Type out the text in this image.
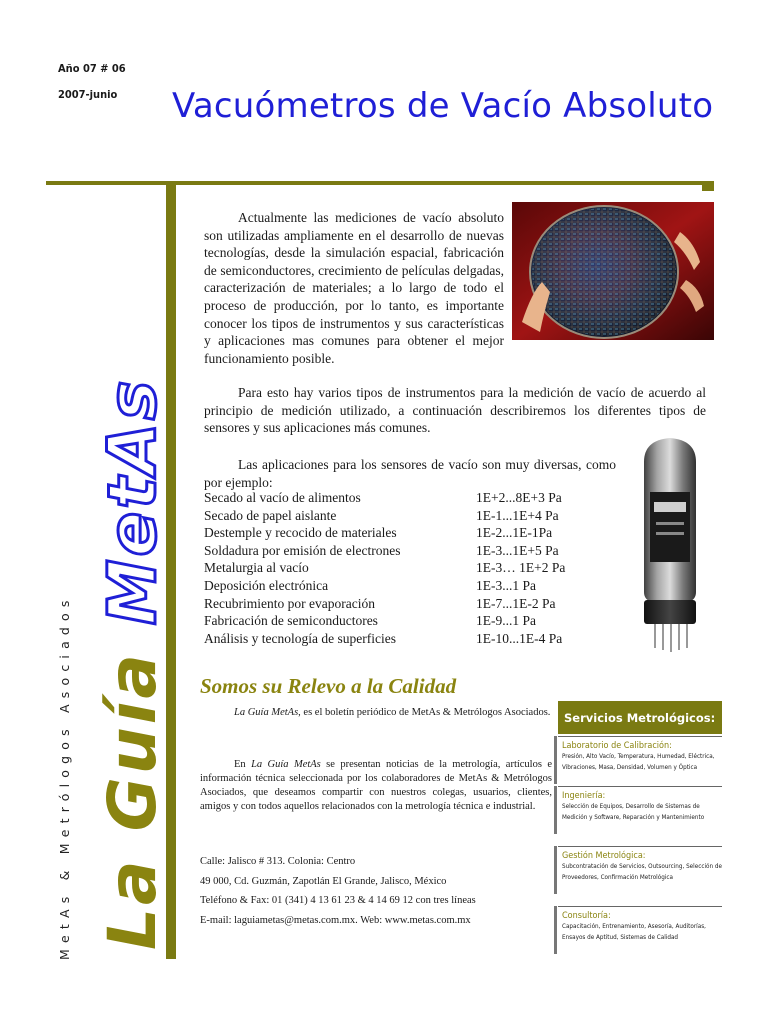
Año 07 # 06
2007-junio Vacuómetros de Vacío Absoluto
MetAs & Metrólogos Asociados La Guía MetAs
Actualmente las mediciones de vacío absoluto son utilizadas ampliamente en el desarrollo de nuevas tecnologías, desde la simulación espacial, fabricación de semiconductores, crecimiento de películas delgadas, caracterización de materiales; a lo largo de todo el proceso de producción, por lo tanto, es importante conocer los tipos de instrumentos y sus características y aplicaciones mas comunes para obtener el mejor funcionamiento posible.
Para esto hay varios tipos de instrumentos para la medición de vacío de acuerdo al principio de medición utilizado, a continuación describiremos los diferentes tipos de sensores y sus aplicaciones más comunes.
Las aplicaciones para los sensores de vacío son muy diversas, como por ejemplo:
Secado al vacío de alimentos	1E+2...8E+3 Pa
Secado de papel aislante	1E-1...1E+4 Pa
Destemple y recocido de materiales	1E-2...1E-1Pa
Soldadura por emisión de electrones	1E-3...1E+5 Pa
Metalurgia al vacío	1E-3… 1E+2 Pa
Deposición electrónica	1E-3...1 Pa
Recubrimiento por evaporación	1E-7...1E-2 Pa
Fabricación de semiconductores	1E-9...1 Pa
Análisis y tecnología de superficies	1E-10...1E-4 Pa
Somos su Relevo a la Calidad
La Guía MetAs, es el boletín periódico de MetAs & Metrólogos Asociados.
En La Guía MetAs se presentan noticias de la metrología, artículos e información técnica seleccionada por los colaboradores de MetAs & Metrólogos Asociados, que deseamos compartir con nuestros colegas, usuarios, clientes, amigos y con todos aquellos relacionados con la metrología técnica e industrial.
Calle: Jalisco # 313. Colonia: Centro
49 000, Cd. Guzmán, Zapotlán El Grande, Jalisco, México
Teléfono & Fax: 01 (341) 4 13 61 23 & 4 14 69 12 con tres líneas
E-mail: laguiametas@metas.com.mx. Web: www.metas.com.mx
Servicios Metrológicos:
Laboratorio de Calibración:
Presión, Alto Vacío, Temperatura, Humedad, Eléctrica, Vibraciones, Masa, Densidad, Volumen y Óptica
Ingeniería:
Selección de Equipos, Desarrollo de Sistemas de Medición y Software, Reparación y Mantenimiento
Gestión Metrológica:
Subcontratación de Servicios, Outsourcing, Selección de Proveedores, Confirmación Metrológica
Consultoría:
Capacitación, Entrenamiento, Asesoría, Auditorías, Ensayos de Aptitud, Sistemas de Calidad
